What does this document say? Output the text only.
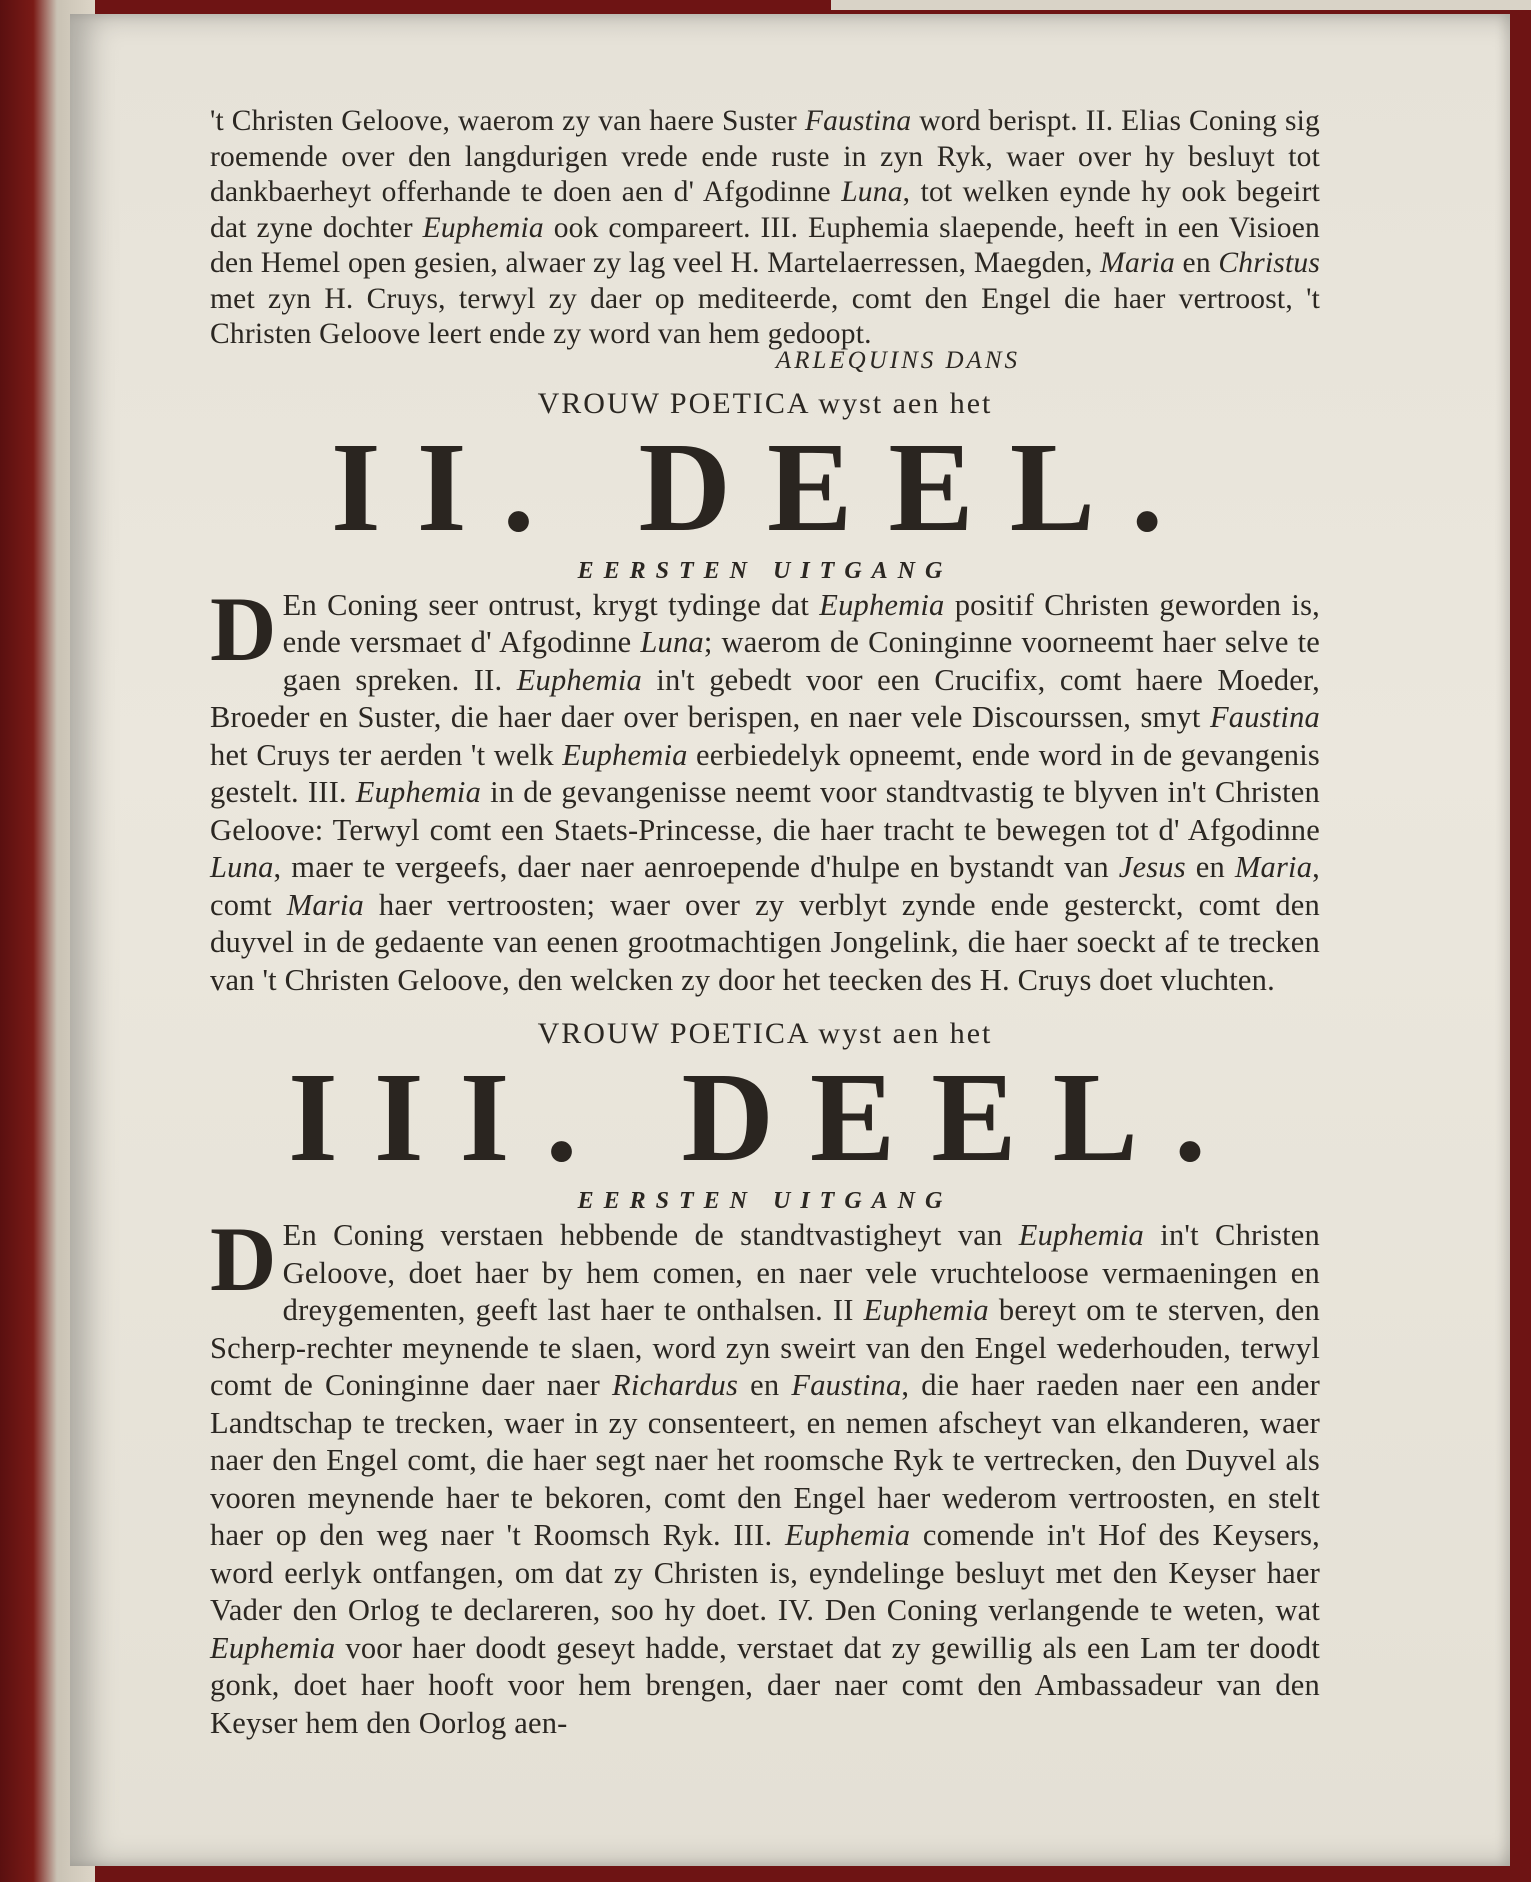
't Christen Geloove, waerom zy van haere Suster Faustina word berispt. II. Elias Coning sig roemende over den langdurigen vrede ende ruste in zyn Ryk, waer over hy besluyt tot dankbaerheyt offerhande te doen aen d' Afgodinne Luna, tot welken eynde hy ook begeirt dat zyne dochter Euphemia ook compareert. III. Euphemia slaepende, heeft in een Visioen den Hemel open gesien, alwaer zy lag veel H. Martelaerressen, Maegden, Maria en Christus met zyn H. Cruys, terwyl zy daer op mediteerde, comt den Engel die haer vertroost, 't Christen Geloove leert ende zy word van hem gedoopt.

ARLEQUINS DANS
VROUW POETICA wyst aen het
II. DEEL.
EERSTEN UITGANG

D En Coning seer ontrust, krygt tydinge dat Euphemia positif Christen geworden is, ende versmaet d' Afgodinne Luna; waerom de Coninginne voorneemt haer selve te gaen spreken. II. Euphemia in't gebedt voor een Crucifix, comt haere Moeder, Broeder en Suster, die haer daer over berispen, en naer vele Discourssen, smyt Faustina het Cruys ter aerden 't welk Euphemia eerbiedelyk opneemt, ende word in de gevangenis gestelt. III. Euphemia in de gevangenisse neemt voor standtvastig te blyven in't Christen Geloove: Terwyl comt een Staets-Princesse, die haer tracht te bewegen tot d' Afgodinne Luna, maer te vergeefs, daer naer aenroepende d'hulpe en bystandt van Jesus en Maria, comt Maria haer vertroosten; waer over zy verblyt zynde ende gesterckt, comt den duyvel in de gedaente van eenen grootmachtigen Jongelink, die haer soeckt af te trecken van 't Christen Geloove, den welcken zy door het teecken des H. Cruys doet vluchten.

VROUW POETICA wyst aen het
III. DEEL.
EERSTEN UITGANG

D En Coning verstaen hebbende de standtvastigheyt van Euphemia in't Christen Geloove, doet haer by hem comen, en naer vele vruchteloose vermaeningen en dreygementen, geeft last haer te onthalsen. II Euphemia bereyt om te sterven, den Scherp-rechter meynende te slaen, word zyn sweirt van den Engel wederhouden, terwyl comt de Coninginne daer naer Richardus en Faustina, die haer raeden naer een ander Landtschap te trecken, waer in zy consenteert, en nemen afscheyt van elkanderen, waer naer den Engel comt, die haer segt naer het roomsche Ryk te vertrecken, den Duyvel als vooren meynende haer te bekoren, comt den Engel haer wederom vertroosten, en stelt haer op den weg naer 't Roomsch Ryk. III. Euphemia comende in't Hof des Keysers, word eerlyk ontfangen, om dat zy Christen is, eyndelinge besluyt met den Keyser haer Vader den Orlog te declareren, soo hy doet. IV. Den Coning verlangende te weten, wat Euphemia voor haer doodt geseyt hadde, verstaet dat zy gewillig als een Lam ter doodt gonk, doet haer hooft voor hem brengen, daer naer comt den Ambassadeur van den Keyser hem den Oorlog aen-
